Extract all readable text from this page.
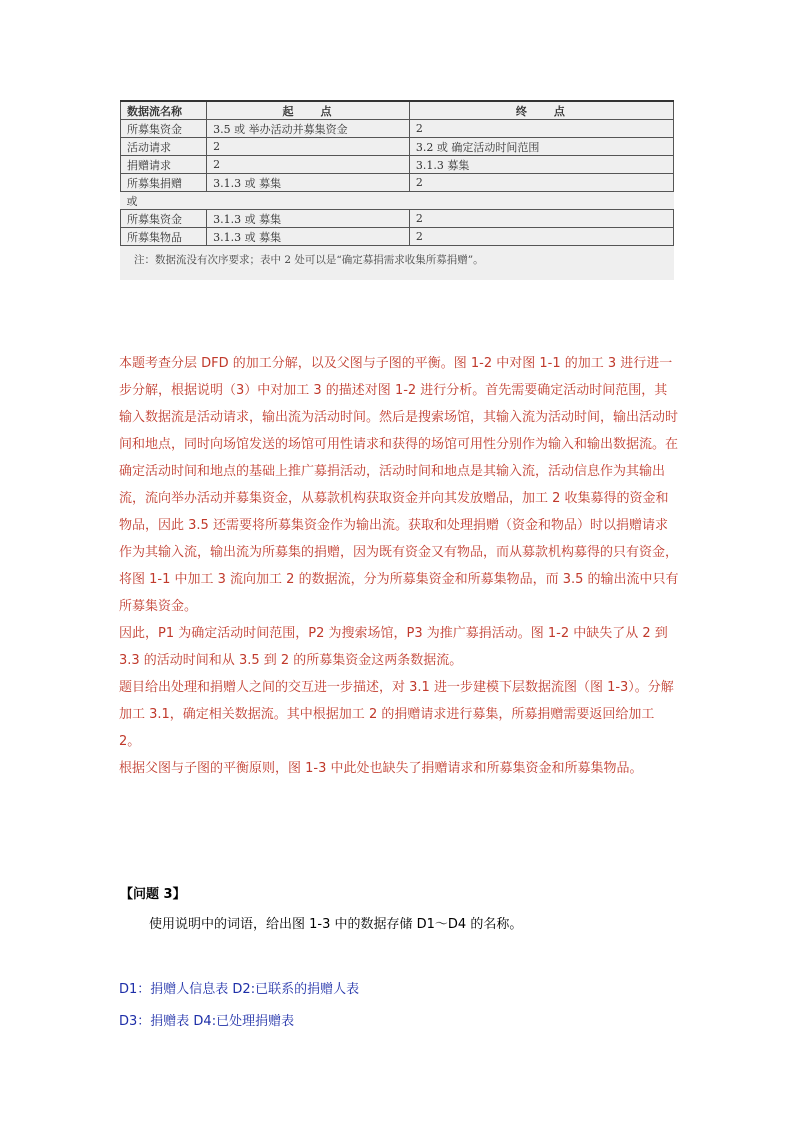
数据流名称	起　点	终　点
所募集资金	3.5 或 举办活动并募集资金	2
活动请求	2	3.2 或 确定活动时间范围
捐赠请求	2	3.1.3 募集
所募集捐赠	3.1.3 或 募集	2
或		
所募集资金	3.1.3 或 募集	2
所募集物品	3.1.3 或 募集	2
注：数据流没有次序要求；表中 2 处可以是“确定募捐需求收集所募捐赠”。

本题考查分层 DFD 的加工分解，以及父图与子图的平衡。图 1-2 中对图 1-1 的加工 3 进行进一步分解，根据说明（3）中对加工 3 的描述对图 1-2 进行分析。首先需要确定活动时间范围，其输入数据流是活动请求，输出流为活动时间。然后是搜索场馆，其输入流为活动时间，输出活动时间和地点，同时向场馆发送的场馆可用性请求和获得的场馆可用性分别作为输入和输出数据流。在确定活动时间和地点的基础上推广募捐活动，活动时间和地点是其输入流，活动信息作为其输出流，流向举办活动并募集资金，从募款机构获取资金并向其发放赠品，加工 2 收集募得的资金和物品，因此 3.5 还需要将所募集资金作为输出流。获取和处理捐赠（资金和物品）时以捐赠请求作为其输入流，输出流为所募集的捐赠，因为既有资金又有物品，而从募款机构募得的只有资金，将图 1-1 中加工 3 流向加工 2 的数据流，分为所募集资金和所募集物品，而 3.5 的输出流中只有所募集资金。

因此，P1 为确定活动时间范围，P2 为搜索场馆，P3 为推广募捐活动。图 1-2 中缺失了从 2 到 3.3 的活动时间和从 3.5 到 2 的所募集资金这两条数据流。

题目给出处理和捐赠人之间的交互进一步描述，对 3.1 进一步建模下层数据流图（图 1-3）。分解加工 3.1，确定相关数据流。其中根据加工 2 的捐赠请求进行募集，所募捐赠需要返回给加工 2。

根据父图与子图的平衡原则，图 1-3 中此处也缺失了捐赠请求和所募集资金和所募集物品。

【问题 3】
使用说明中的词语，给出图 1-3 中的数据存储 D1～D4 的名称。
D1：捐赠人信息表 D2:已联系的捐赠人表
D3：捐赠表 D4:已处理捐赠表
